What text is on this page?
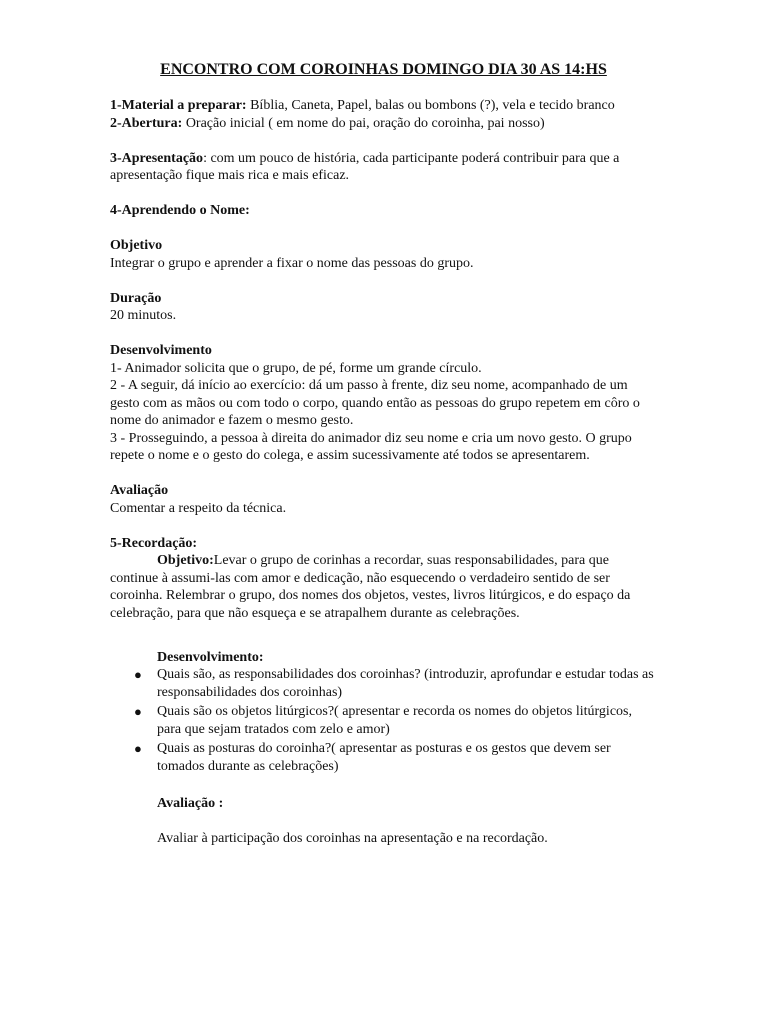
ENCONTRO COM COROINHAS DOMINGO DIA 30 AS 14:HS

1-Material a preparar: Bíblia, Caneta, Papel, balas ou bombons (?), vela e tecido branco

2-Abertura: Oração inicial ( em nome do pai, oração do coroinha, pai nosso)

3-Apresentação: com um pouco de história, cada participante poderá contribuir para que a apresentação fique mais rica e mais eficaz.

4-Aprendendo o Nome:

Objetivo

Integrar o grupo e aprender a fixar o nome das pessoas do grupo.

Duração

20 minutos.

Desenvolvimento

1- Animador solicita que o grupo, de pé, forme um grande círculo.

2 - A seguir, dá início ao exercício: dá um passo à frente, diz seu nome, acompanhado de um gesto com as mãos ou com todo o corpo, quando então as pessoas do grupo repetem em côro o nome do animador e fazem o mesmo gesto.

3 - Prosseguindo, a pessoa à direita do animador diz seu nome e cria um novo gesto. O grupo repete o nome e o gesto do colega, e assim sucessivamente até todos se apresentarem.

Avaliação

Comentar a respeito da técnica.

5-Recordação:

Objetivo:Levar o grupo de corinhas a recordar, suas responsabilidades, para que continue à assumi-las com amor e dedicação, não esquecendo o verdadeiro sentido de ser coroinha. Relembrar o grupo, dos nomes dos objetos, vestes, livros litúrgicos, e do espaço da celebração, para que não esqueça e se atrapalhem durante as celebrações.

Desenvolvimento:

● Quais são, as responsabilidades dos coroinhas? (introduzir, aprofundar e estudar todas as responsabilidades dos coroinhas)
● Quais são os objetos litúrgicos?( apresentar e recorda os nomes do objetos litúrgicos, para que sejam tratados com zelo e amor)
● Quais as posturas do coroinha?( apresentar as posturas e os gestos que devem ser tomados durante as celebrações)

Avaliação :

Avaliar à participação dos coroinhas na apresentação e na recordação.
